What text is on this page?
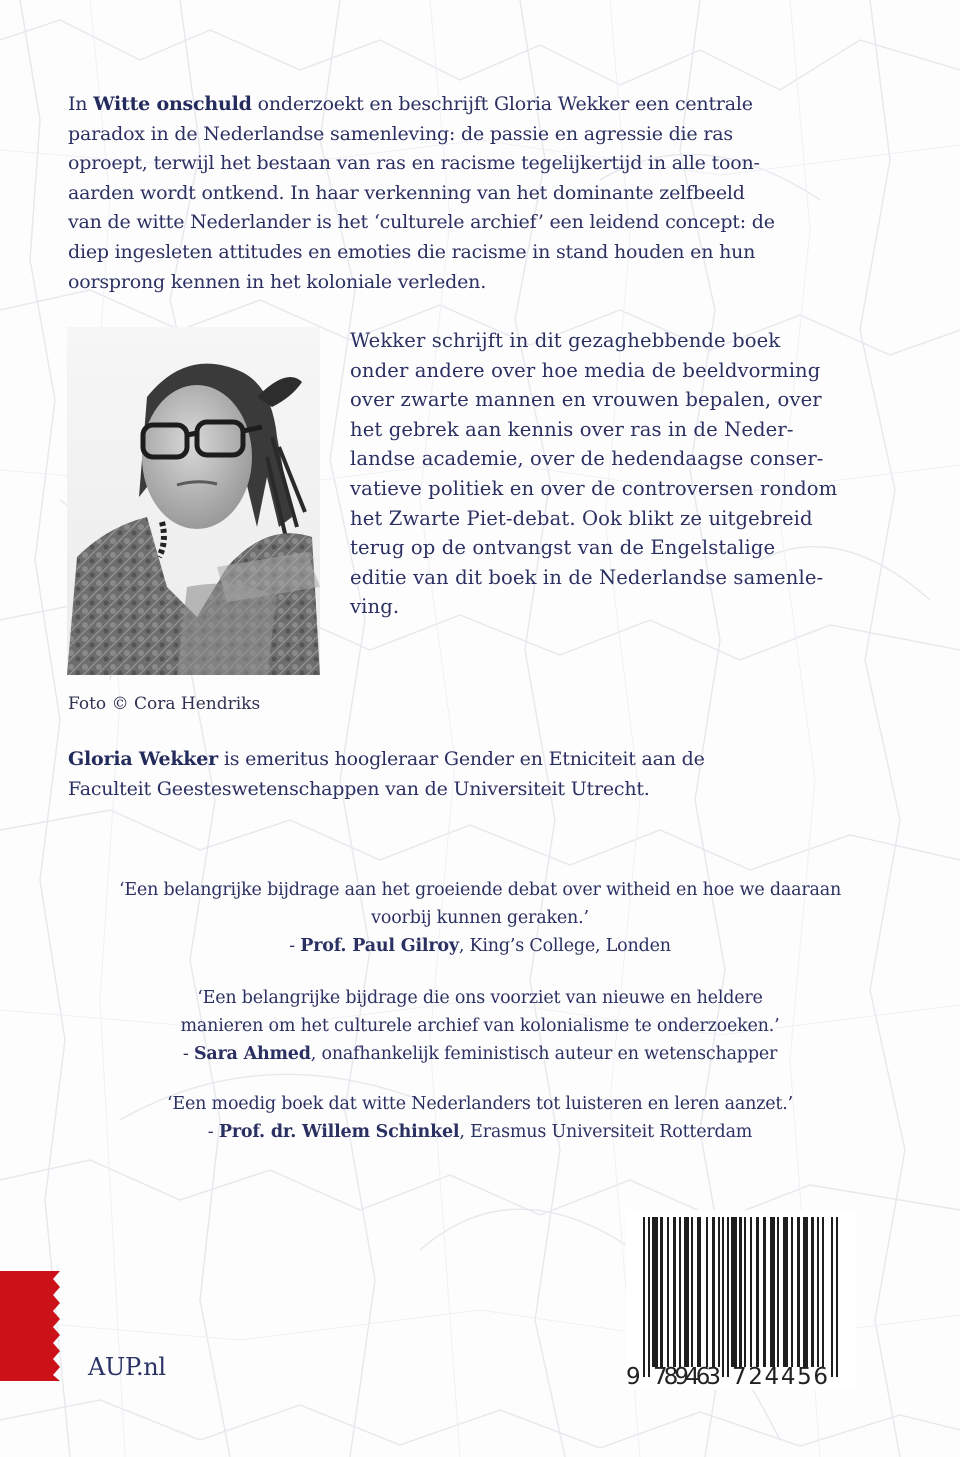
In Witte onschuld onderzoekt en beschrijft Gloria Wekker een centrale
paradox in de Nederlandse samenleving: de passie en agressie die ras
oproept, terwijl het bestaan van ras en racisme tegelijkertijd in alle toon-
aarden wordt ontkend. In haar verkenning van het dominante zelfbeeld
van de witte Nederlander is het ‘culturele archief’ een leidend concept: de
diep ingesleten attitudes en emoties die racisme in stand houden en hun
oorsprong kennen in het koloniale verleden.
Wekker schrijft in dit gezaghebbende boek
onder andere over hoe media de beeldvorming
over zwarte mannen en vrouwen bepalen, over
het gebrek aan kennis over ras in de Neder-
landse academie, over de hedendaagse conser-
vatieve politiek en over de controversen rondom
het Zwarte Piet-debat. Ook blikt ze uitgebreid
terug op de ontvangst van de Engelstalige
editie van dit boek in de Nederlandse samenle-
ving.
Foto © Cora Hendriks
Gloria Wekker is emeritus hoogleraar Gender en Etniciteit aan de
Faculteit Geesteswetenschappen van de Universiteit Utrecht.
‘Een belangrijke bijdrage aan het groeiende debat over witheid en hoe we daaraan
voorbij kunnen geraken.’
- Prof. Paul Gilroy, King’s College, Londen
‘Een belangrijke bijdrage die ons voorziet van nieuwe en heldere
manieren om het culturele archief van kolonialisme te onderzoeken.’
- Sara Ahmed, onafhankelijk feministisch auteur en wetenschapper
‘Een moedig boek dat witte Nederlanders tot luisteren en leren aanzet.’
- Prof. dr. Willem Schinkel, Erasmus Universiteit Rotterdam
AUP.nl	9 789463 724456
